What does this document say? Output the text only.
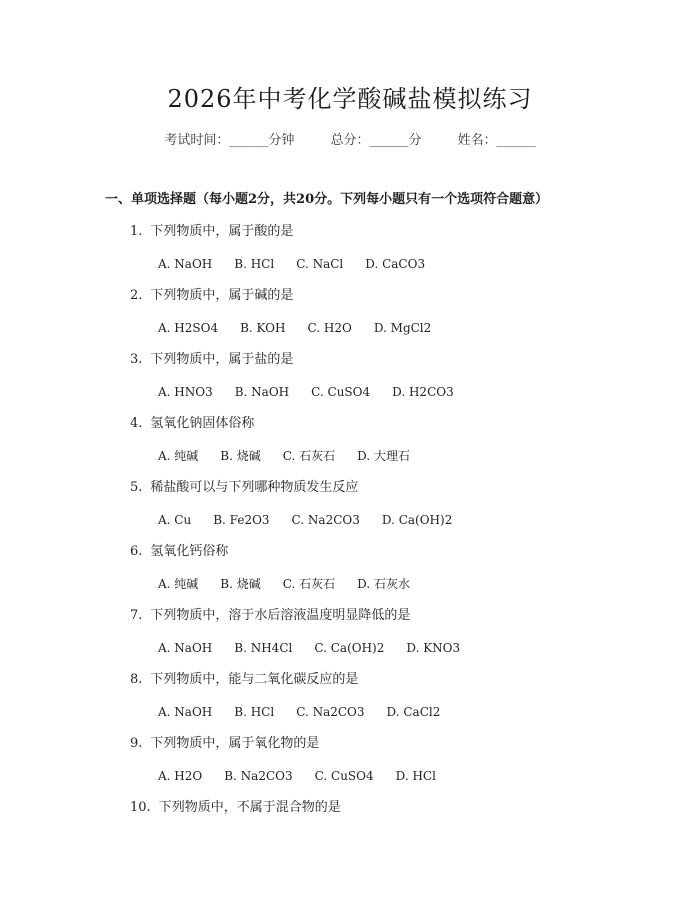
2026年中考化学酸碱盐模拟练习
考试时间：______分钟	总分：______分	姓名：______
一、单项选择题（每小题2分，共20分。下列每小题只有一个选项符合题意）
1. 下列物质中，属于酸的是
A. NaOH B. HCl C. NaCl D. CaCO3
2. 下列物质中，属于碱的是
A. H2SO4 B. KOH C. H2O D. MgCl2
3. 下列物质中，属于盐的是
A. HNO3 B. NaOH C. CuSO4 D. H2CO3
4. 氢氧化钠固体俗称
A. 纯碱 B. 烧碱 C. 石灰石 D. 大理石
5. 稀盐酸可以与下列哪种物质发生反应
A. Cu B. Fe2O3 C. Na2CO3 D. Ca(OH)2
6. 氢氧化钙俗称
A. 纯碱 B. 烧碱 C. 石灰石 D. 石灰水
7. 下列物质中，溶于水后溶液温度明显降低的是
A. NaOH B. NH4Cl C. Ca(OH)2 D. KNO3
8. 下列物质中，能与二氧化碳反应的是
A. NaOH B. HCl C. Na2CO3 D. CaCl2
9. 下列物质中，属于氧化物的是
A. H2O B. Na2CO3 C. CuSO4 D. HCl
10. 下列物质中，不属于混合物的是
